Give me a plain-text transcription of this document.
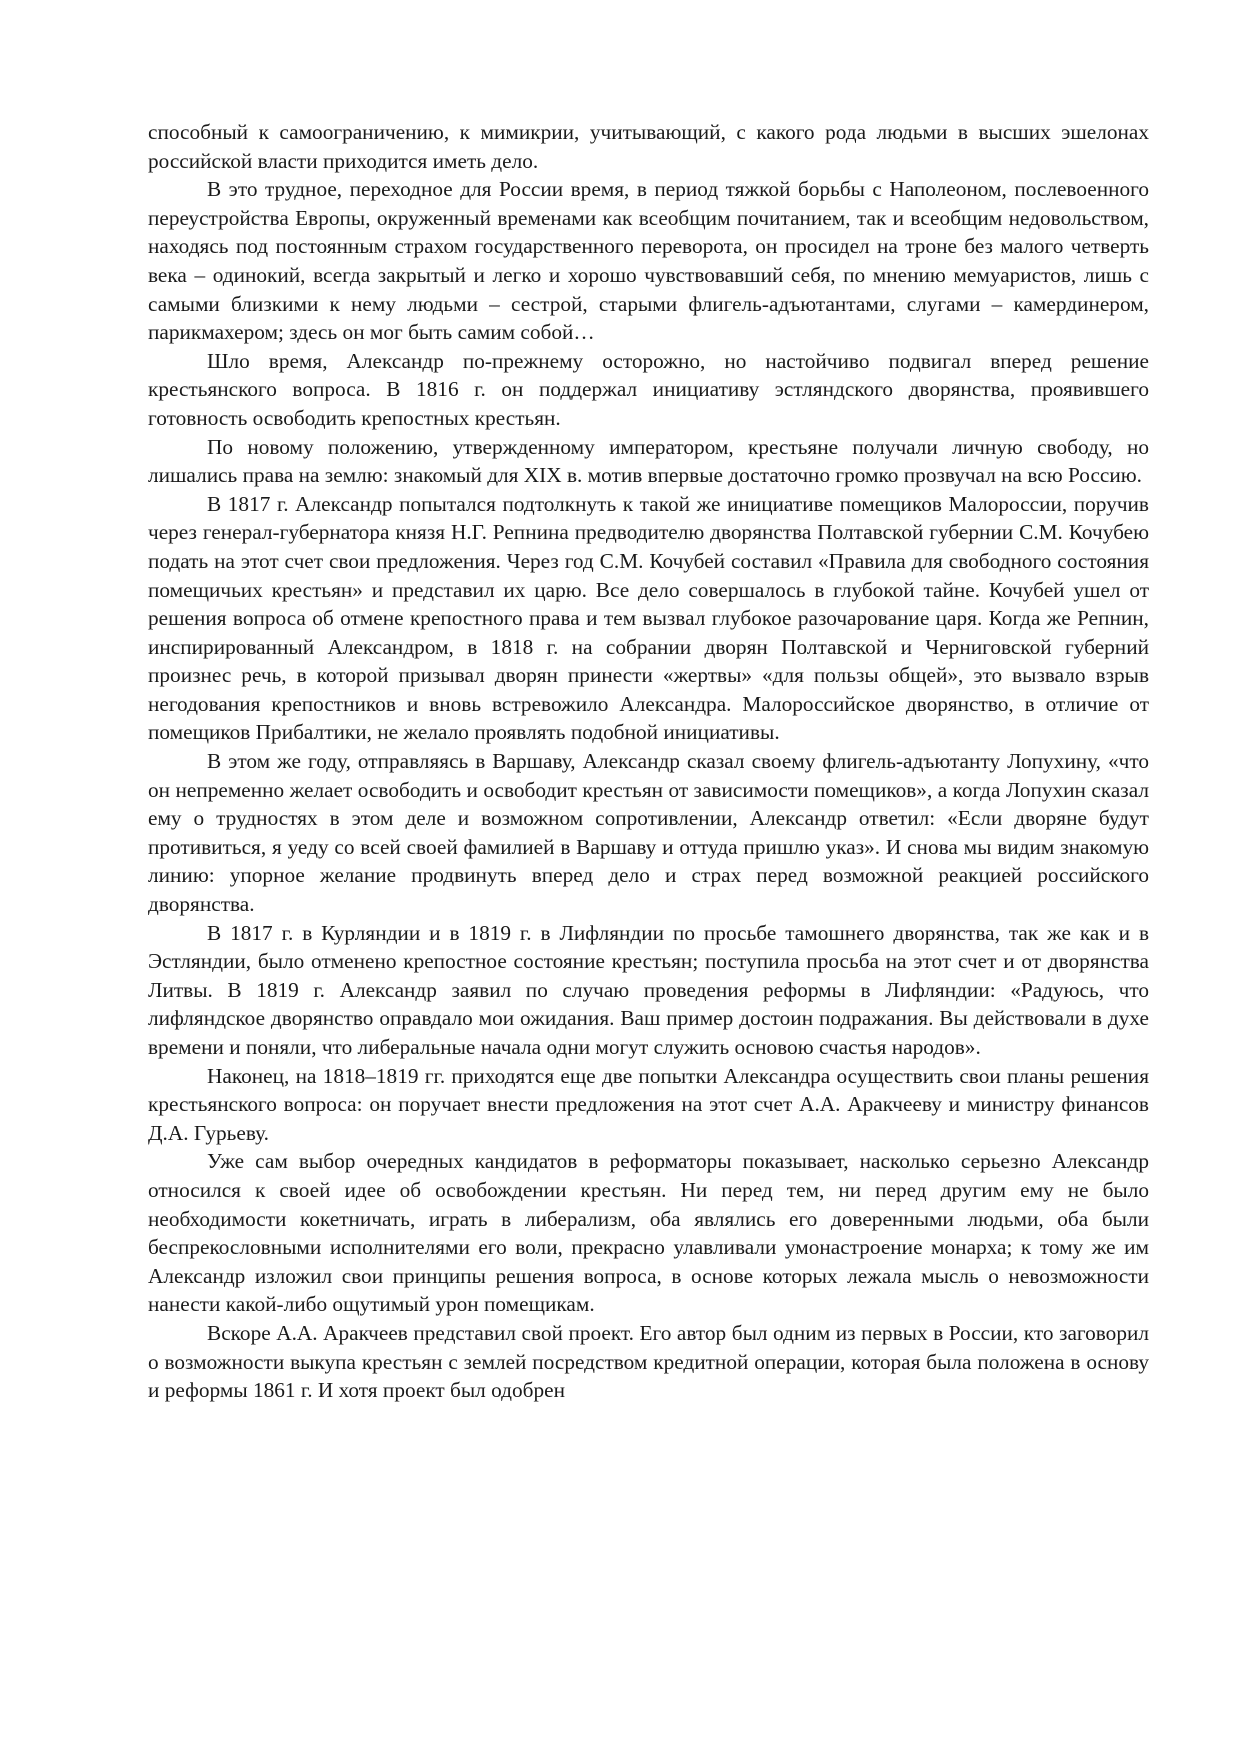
способный к самоограничению, к мимикрии, учитывающий, с какого рода людьми в высших эшелонах российской власти приходится иметь дело.

В это трудное, переходное для России время, в период тяжкой борьбы с Наполеоном, послевоенного переустройства Европы, окруженный временами как всеобщим почитанием, так и всеобщим недовольством, находясь под постоянным страхом государственного переворота, он просидел на троне без малого четверть века – одинокий, всегда закрытый и легко и хорошо чувствовавший себя, по мнению мемуаристов, лишь с самыми близкими к нему людьми – сестрой, старыми флигель-адъютантами, слугами – камердинером, парикмахером; здесь он мог быть самим собой…

Шло время, Александр по-прежнему осторожно, но настойчиво подвигал вперед решение крестьянского вопроса. В 1816 г. он поддержал инициативу эстляндского дворянства, проявившего готовность освободить крепостных крестьян.

По новому положению, утвержденному императором, крестьяне получали личную свободу, но лишались права на землю: знакомый для XIX в. мотив впервые достаточно громко прозвучал на всю Россию.

В 1817 г. Александр попытался подтолкнуть к такой же инициативе помещиков Малороссии, поручив через генерал-губернатора князя Н.Г. Репнина предводителю дворянства Полтавской губернии С.М. Кочубею подать на этот счет свои предложения. Через год С.М. Кочубей составил «Правила для свободного состояния помещичьих крестьян» и представил их царю. Все дело совершалось в глубокой тайне. Кочубей ушел от решения вопроса об отмене крепостного права и тем вызвал глубокое разочарование царя. Когда же Репнин, инспирированный Александром, в 1818 г. на собрании дворян Полтавской и Черниговской губерний произнес речь, в которой призывал дворян принести «жертвы» «для пользы общей», это вызвало взрыв негодования крепостников и вновь встревожило Александра. Малороссийское дворянство, в отличие от помещиков Прибалтики, не желало проявлять подобной инициативы.

В этом же году, отправляясь в Варшаву, Александр сказал своему флигель-адъютанту Лопухину, «что он непременно желает освободить и освободит крестьян от зависимости помещиков», а когда Лопухин сказал ему о трудностях в этом деле и возможном сопротивлении, Александр ответил: «Если дворяне будут противиться, я уеду со всей своей фамилией в Варшаву и оттуда пришлю указ». И снова мы видим знакомую линию: упорное желание продвинуть вперед дело и страх перед возможной реакцией российского дворянства.

В 1817 г. в Курляндии и в 1819 г. в Лифляндии по просьбе тамошнего дворянства, так же как и в Эстляндии, было отменено крепостное состояние крестьян; поступила просьба на этот счет и от дворянства Литвы. В 1819 г. Александр заявил по случаю проведения реформы в Лифляндии: «Радуюсь, что лифляндское дворянство оправдало мои ожидания. Ваш пример достоин подражания. Вы действовали в духе времени и поняли, что либеральные начала одни могут служить основою счастья народов».

Наконец, на 1818–1819 гг. приходятся еще две попытки Александра осуществить свои планы решения крестьянского вопроса: он поручает внести предложения на этот счет А.А. Аракчееву и министру финансов Д.А. Гурьеву.

Уже сам выбор очередных кандидатов в реформаторы показывает, насколько серьезно Александр относился к своей идее об освобождении крестьян. Ни перед тем, ни перед другим ему не было необходимости кокетничать, играть в либерализм, оба являлись его доверенными людьми, оба были беспрекословными исполнителями его воли, прекрасно улавливали умонастроение монарха; к тому же им Александр изложил свои принципы решения вопроса, в основе которых лежала мысль о невозможности нанести какой-либо ощутимый урон помещикам.

Вскоре А.А. Аракчеев представил свой проект. Его автор был одним из первых в России, кто заговорил о возможности выкупа крестьян с землей посредством кредитной операции, которая была положена в основу и реформы 1861 г. И хотя проект был одобрен
